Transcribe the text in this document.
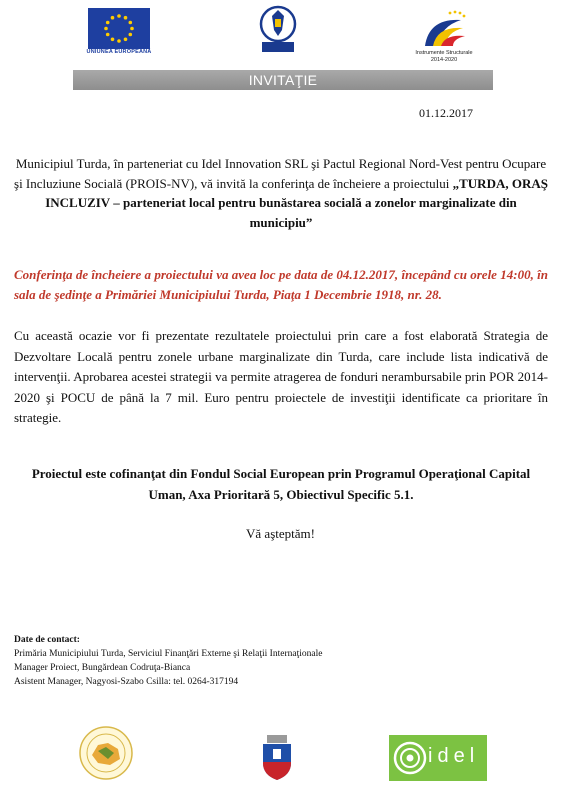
UNIUNEA EUROPEANĂ	Instrumente Structurale
2014-2020
INVITAŢIE
01.12.2017
Municipiul Turda, în parteneriat cu Idel Innovation SRL şi Pactul Regional Nord-Vest pentru Ocupare şi Incluziune Socială (PROIS-NV), vă invită la conferinţa de încheiere a proiectului „TURDA, ORAŞ INCLUZIV – parteneriat local pentru bunăstarea socială a zonelor marginalizate din municipiu”
Conferinţa de încheiere a proiectului va avea loc pe data de 04.12.2017, începând cu orele 14:00, în sala de şedinţe a Primăriei Municipiului Turda, Piaţa 1 Decembrie 1918, nr. 28.
Cu această ocazie vor fi prezentate rezultatele proiectului prin care a fost elaborată Strategia de Dezvoltare Locală pentru zonele urbane marginalizate din Turda, care include lista indicativă de intervenţii. Aprobarea acestei strategii va permite atragerea de fonduri nerambursabile prin POR 2014-2020 şi POCU de până la 7 mil. Euro pentru proiectele de investiţii identificate ca prioritare în strategie.
Proiectul este cofinanţat din Fondul Social European prin Programul Operaţional Capital Uman, Axa Prioritară 5, Obiectivul Specific 5.1.
Vă aşteptăm!
Date de contact:
Primăria Municipiului Turda, Serviciul Finanţări Externe şi Relaţii Internaţionale
Manager Proiect, Bungărdean Codruţa-Bianca
Asistent Manager, Nagyosi-Szabo Csilla: tel. 0264-317194
idel
